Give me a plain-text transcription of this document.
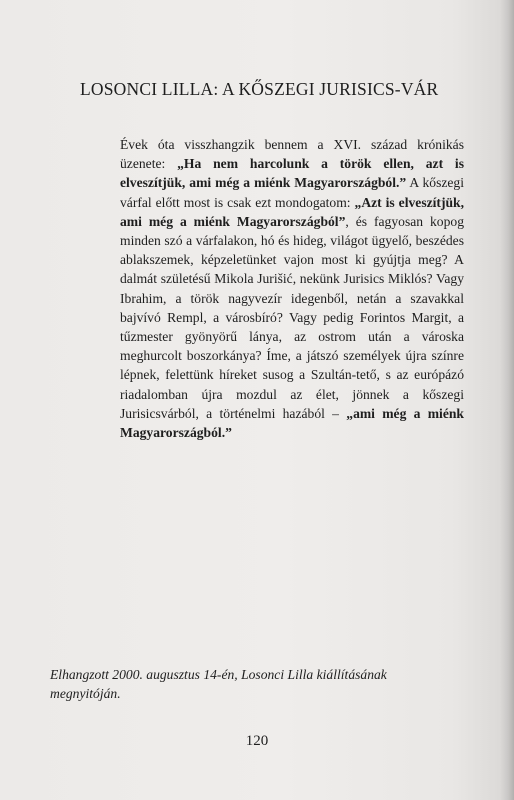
LOSONCI LILLA: A KŐSZEGI JURISICS-VÁR

Évek óta visszhangzik bennem a XVI. század krónikás üzenete: „Ha nem harcolunk a török ellen, azt is elveszítjük, ami még a miénk Magyarországból.” A kőszegi várfal előtt most is csak ezt mondogatom: „Azt is elveszítjük, ami még a miénk Magyarországból”, és fagyosan kopog minden szó a várfalakon, hó és hideg, világot ügyelő, beszédes ablakszemek, képzeletünket vajon most ki gyújtja meg? A dalmát születésű Mikola Jurišić, nekünk Jurisics Miklós? Vagy Ibrahim, a török nagyvezír idegenből, netán a szavakkal bajvívó Rempl, a városbíró? Vagy pedig Forintos Margit, a tűzmester gyönyörű lánya, az ostrom után a városka meghurcolt boszorkánya? Íme, a játszó személyek újra színre lépnek, felettünk híreket susog a Szultán-tető, s az európázó riadalomban újra mozdul az élet, jönnek a kőszegi Jurisicsvárból, a történelmi hazából – „ami még a miénk Magyarországból.”

Elhangzott 2000. augusztus 14-én, Losonci Lilla kiállításának megnyitóján.

120
